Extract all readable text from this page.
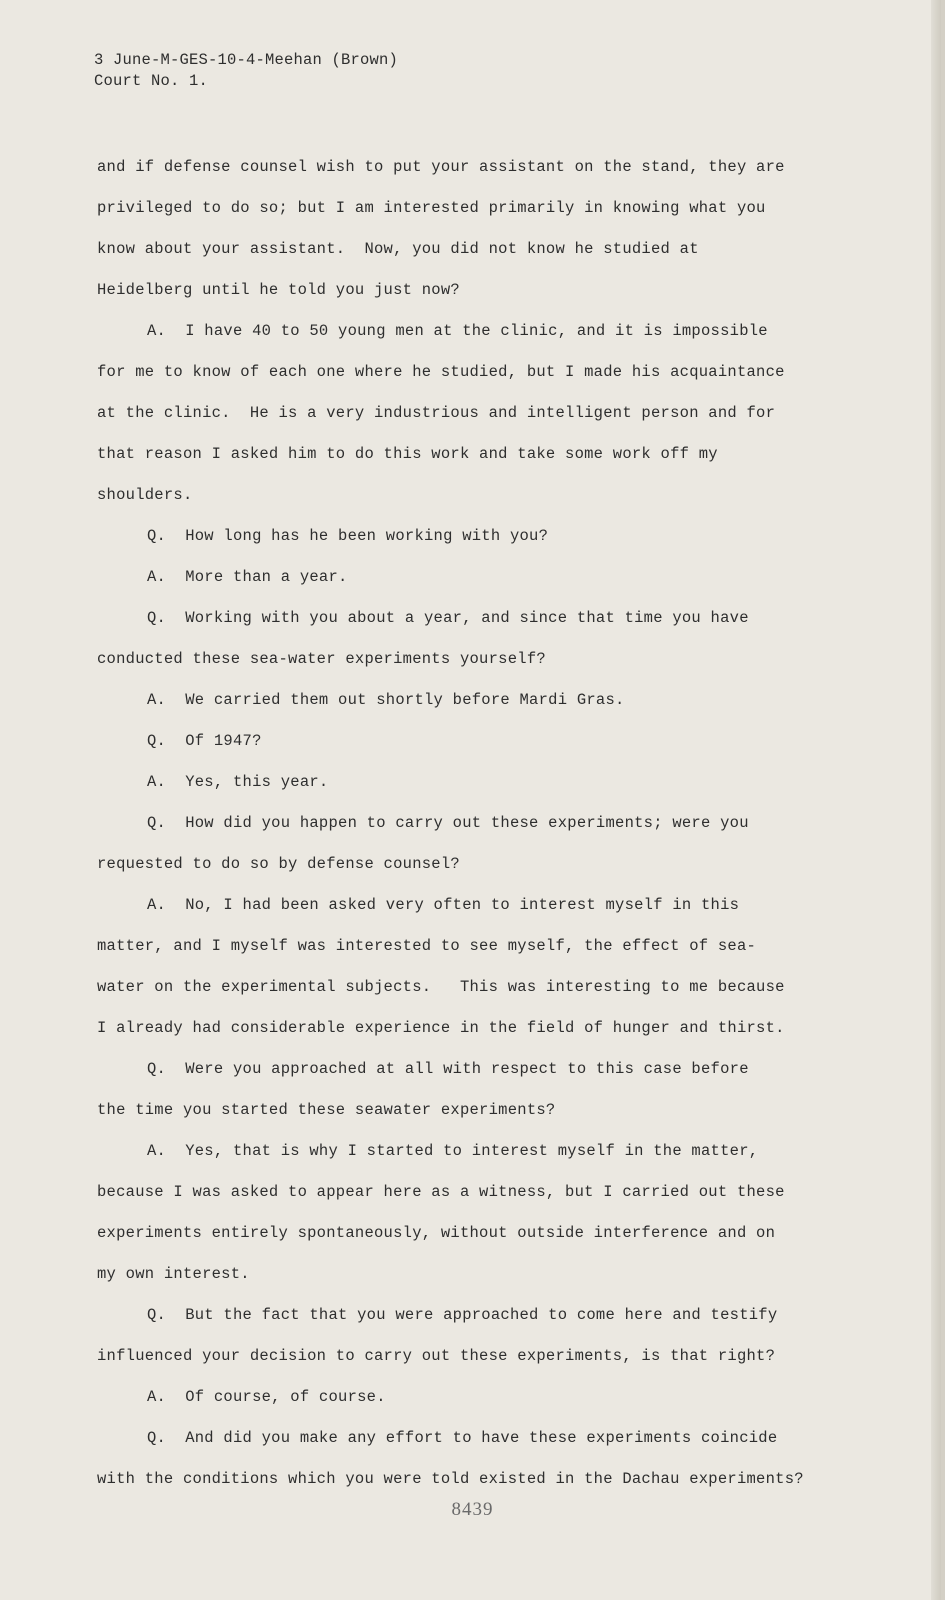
3 June-M-GES-10-4-Meehan (Brown)
Court No. 1.
and if defense counsel wish to put your assistant on the stand, they are
privileged to do so; but I am interested primarily in knowing what you
know about your assistant.  Now, you did not know he studied at
Heidelberg until he told you just now?
A.  I have 40 to 50 young men at the clinic, and it is impossible
for me to know of each one where he studied, but I made his acquaintance
at the clinic.  He is a very industrious and intelligent person and for
that reason I asked him to do this work and take some work off my
shoulders.
Q.  How long has he been working with you?
A.  More than a year.
Q.  Working with you about a year, and since that time you have
conducted these sea-water experiments yourself?
A.  We carried them out shortly before Mardi Gras.
Q.  Of 1947?
A.  Yes, this year.
Q.  How did you happen to carry out these experiments; were you
requested to do so by defense counsel?
A.  No, I had been asked very often to interest myself in this
matter, and I myself was interested to see myself, the effect of sea-
water on the experimental subjects.   This was interesting to me because
I already had considerable experience in the field of hunger and thirst.
Q.  Were you approached at all with respect to this case before
the time you started these seawater experiments?
A.  Yes, that is why I started to interest myself in the matter,
because I was asked to appear here as a witness, but I carried out these
experiments entirely spontaneously, without outside interference and on
my own interest.
Q.  But the fact that you were approached to come here and testify
influenced your decision to carry out these experiments, is that right?
A.  Of course, of course.
Q.  And did you make any effort to have these experiments coincide
with the conditions which you were told existed in the Dachau experiments?
8439
